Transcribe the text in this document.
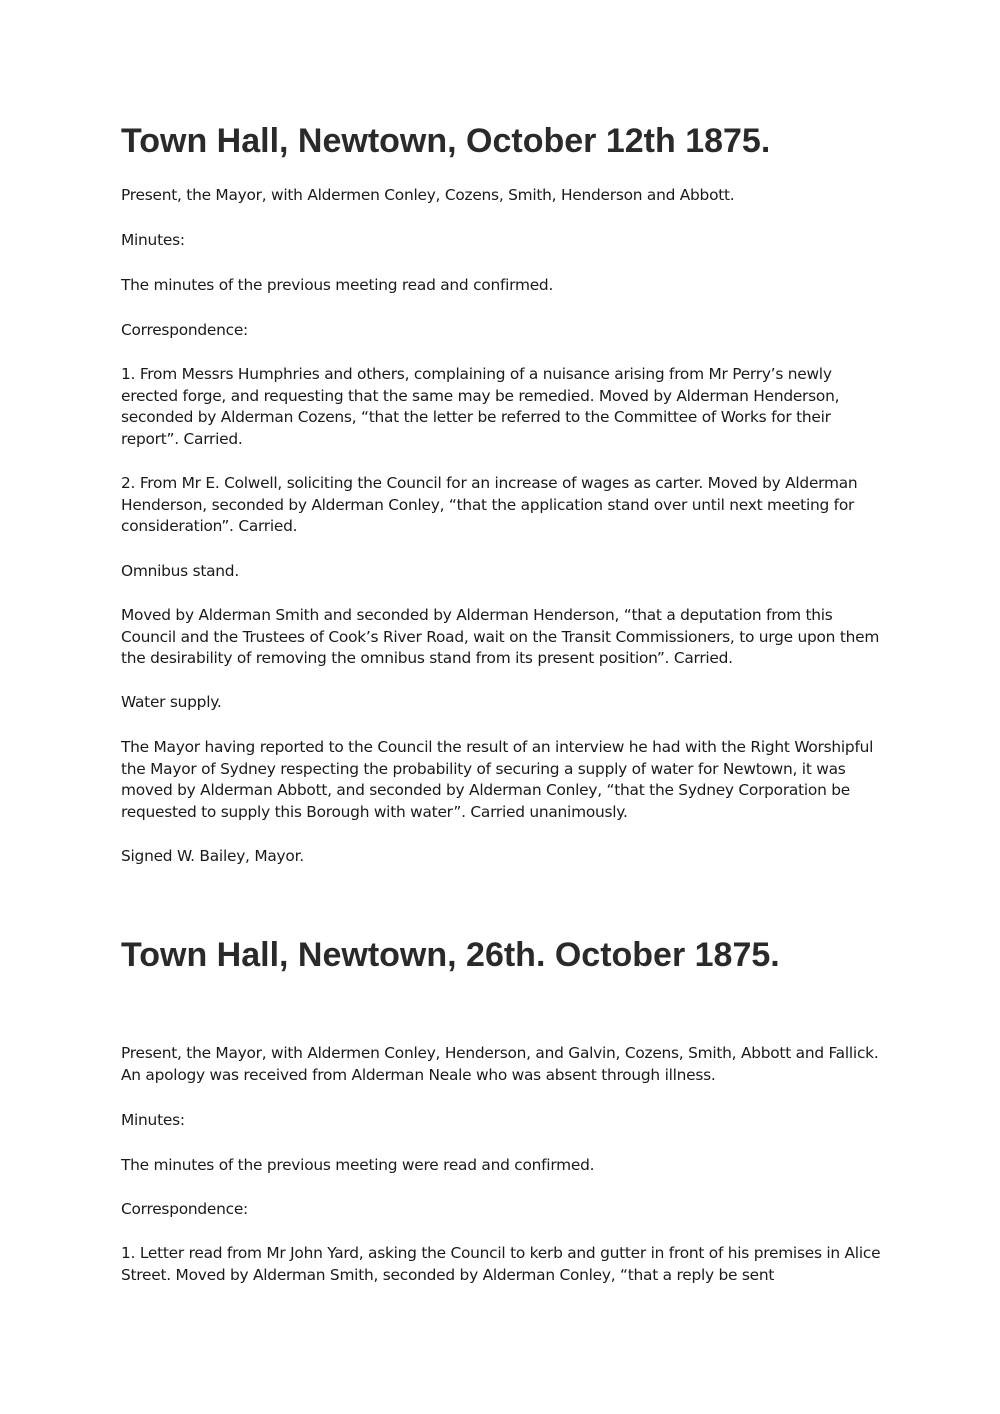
Town Hall, Newtown, October 12th 1875.

Present, the Mayor, with Aldermen Conley, Cozens, Smith, Henderson and Abbott.

Minutes:

The minutes of the previous meeting read and confirmed.

Correspondence:

1. From Messrs Humphries and others, complaining of a nuisance arising from Mr Perry’s newly erected forge, and requesting that the same may be remedied. Moved by Alderman Henderson, seconded by Alderman Cozens, “that the letter be referred to the Committee of Works for their report”. Carried.

2. From Mr E. Colwell, soliciting the Council for an increase of wages as carter. Moved by Alderman Henderson, seconded by Alderman Conley, “that the application stand over until next meeting for consideration”. Carried.

Omnibus stand.

Moved by Alderman Smith and seconded by Alderman Henderson, “that a deputation from this Council and the Trustees of Cook’s River Road, wait on the Transit Commissioners, to urge upon them the desirability of removing the omnibus stand from its present position”. Carried.

Water supply.

The Mayor having reported to the Council the result of an interview he had with the Right Worshipful the Mayor of Sydney respecting the probability of securing a supply of water for Newtown, it was moved by Alderman Abbott, and seconded by Alderman Conley, “that the Sydney Corporation be requested to supply this Borough with water”. Carried unanimously.

Signed W. Bailey, Mayor.

Town Hall, Newtown, 26th. October 1875.

Present, the Mayor, with Aldermen Conley, Henderson, and Galvin, Cozens, Smith, Abbott and Fallick. An apology was received from Alderman Neale who was absent through illness.

Minutes:

The minutes of the previous meeting were read and confirmed.

Correspondence:

1. Letter read from Mr John Yard, asking the Council to kerb and gutter in front of his premises in Alice Street. Moved by Alderman Smith, seconded by Alderman Conley, “that a reply be sent
